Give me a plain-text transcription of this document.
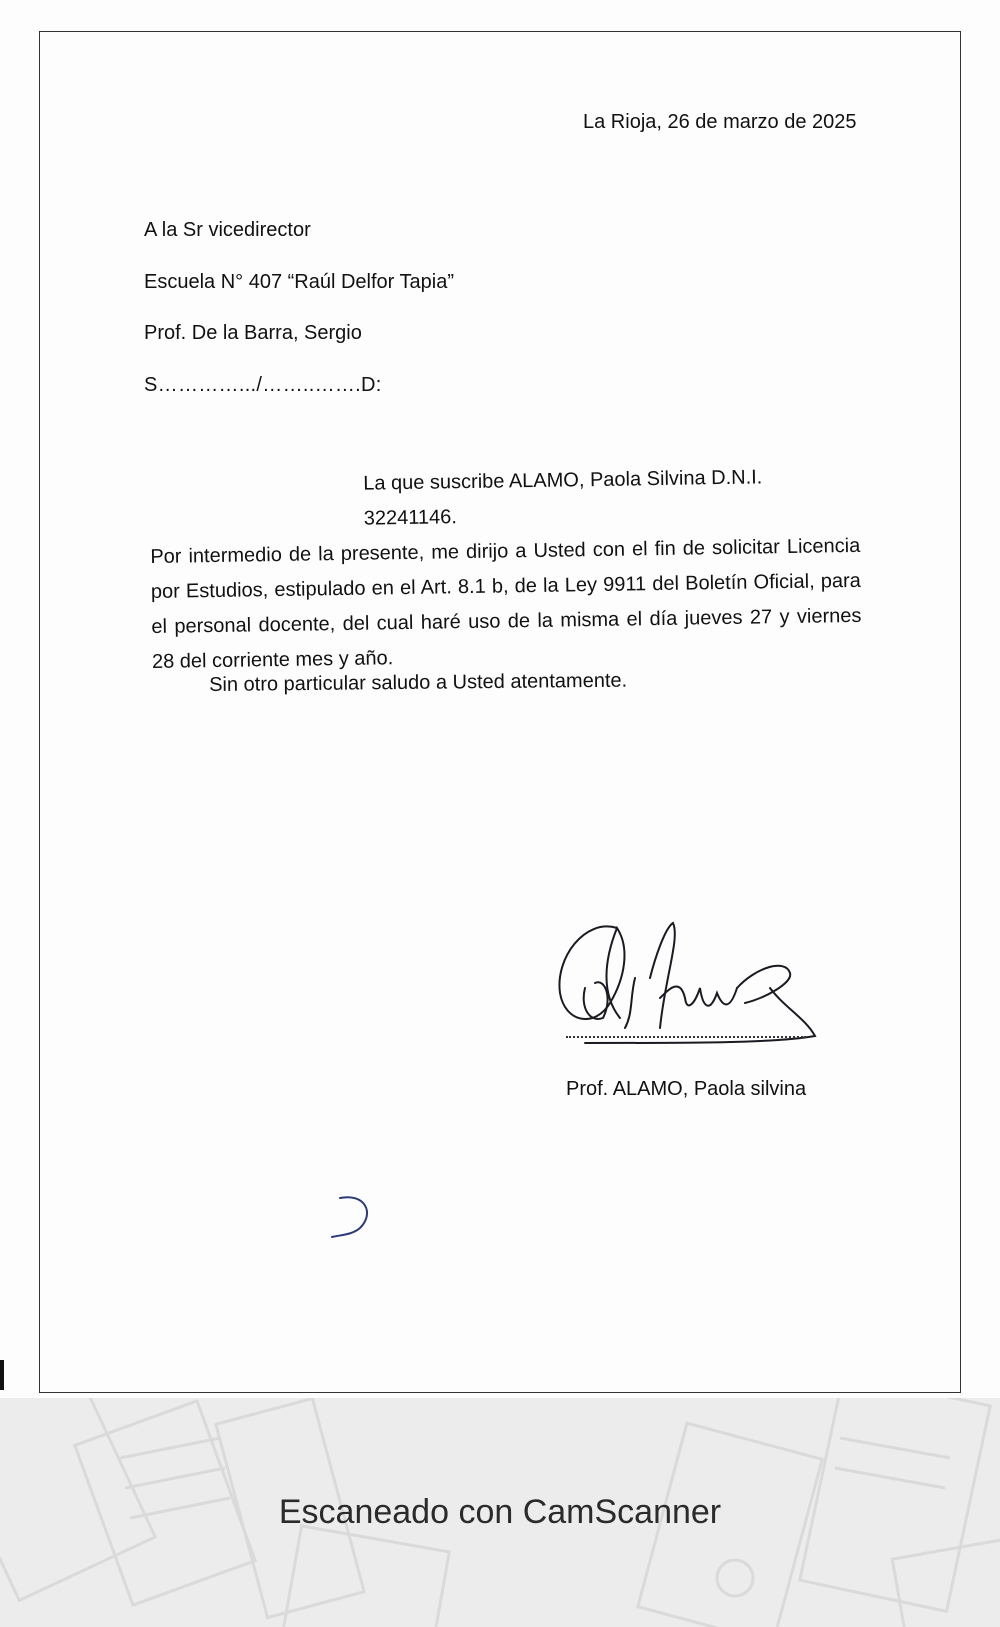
La Rioja, 26 de marzo de 2025
A la Sr vicedirector
Escuela N° 407 “Raúl Delfor Tapia”
Prof. De la Barra, Sergio
S………….../……..…….D:
La que suscribe ALAMO, Paola Silvina D.N.I. 32241146.
Por intermedio de la presente, me dirijo a Usted con el fin de solicitar Licencia por Estudios, estipulado en el Art. 8.1 b, de la Ley 9911 del Boletín Oficial, para el personal docente, del cual haré uso de la misma el día jueves 27 y viernes 28 del corriente mes y año.
Sin otro particular saludo a Usted atentamente.
Prof. ALAMO, Paola silvina
Escaneado con CamScanner
